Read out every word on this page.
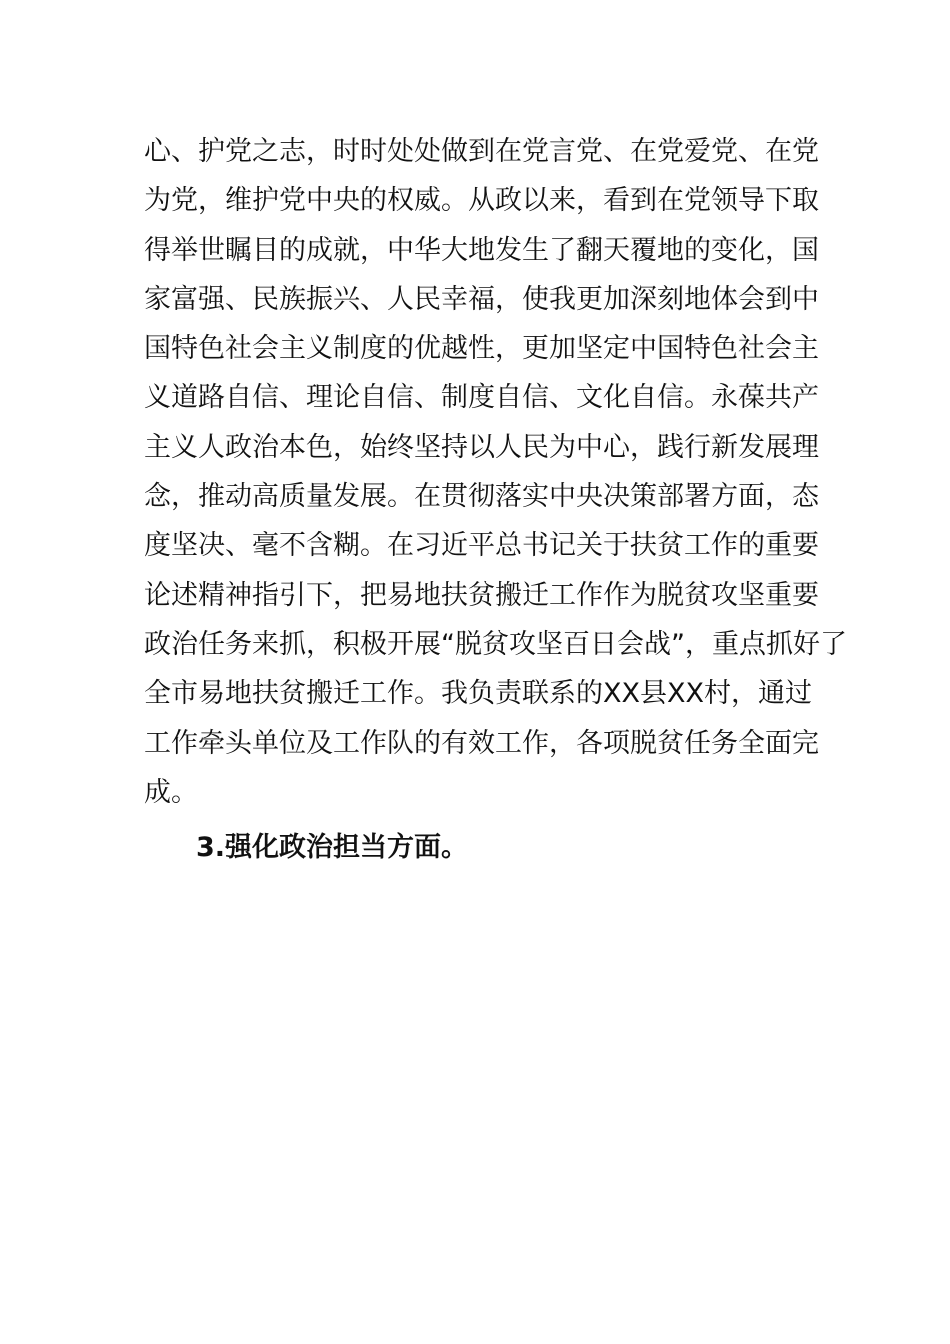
心、护党之志，时时处处做到在党言党、在党爱党、在党
为党，维护党中央的权威。从政以来，看到在党领导下取
得举世瞩目的成就，中华大地发生了翻天覆地的变化，国
家富强、民族振兴、人民幸福，使我更加深刻地体会到中
国特色社会主义制度的优越性，更加坚定中国特色社会主
义道路自信、理论自信、制度自信、文化自信。永葆共产
主义人政治本色，始终坚持以人民为中心，践行新发展理
念，推动高质量发展。在贯彻落实中央决策部署方面，态
度坚决、毫不含糊。在习近平总书记关于扶贫工作的重要
论述精神指引下，把易地扶贫搬迁工作作为脱贫攻坚重要
政治任务来抓，积极开展“脱贫攻坚百日会战”，重点抓好了
全市易地扶贫搬迁工作。我负责联系的XX县XX村，通过
工作牵头单位及工作队的有效工作，各项脱贫任务全面完
成。

3.强化政治担当方面。
